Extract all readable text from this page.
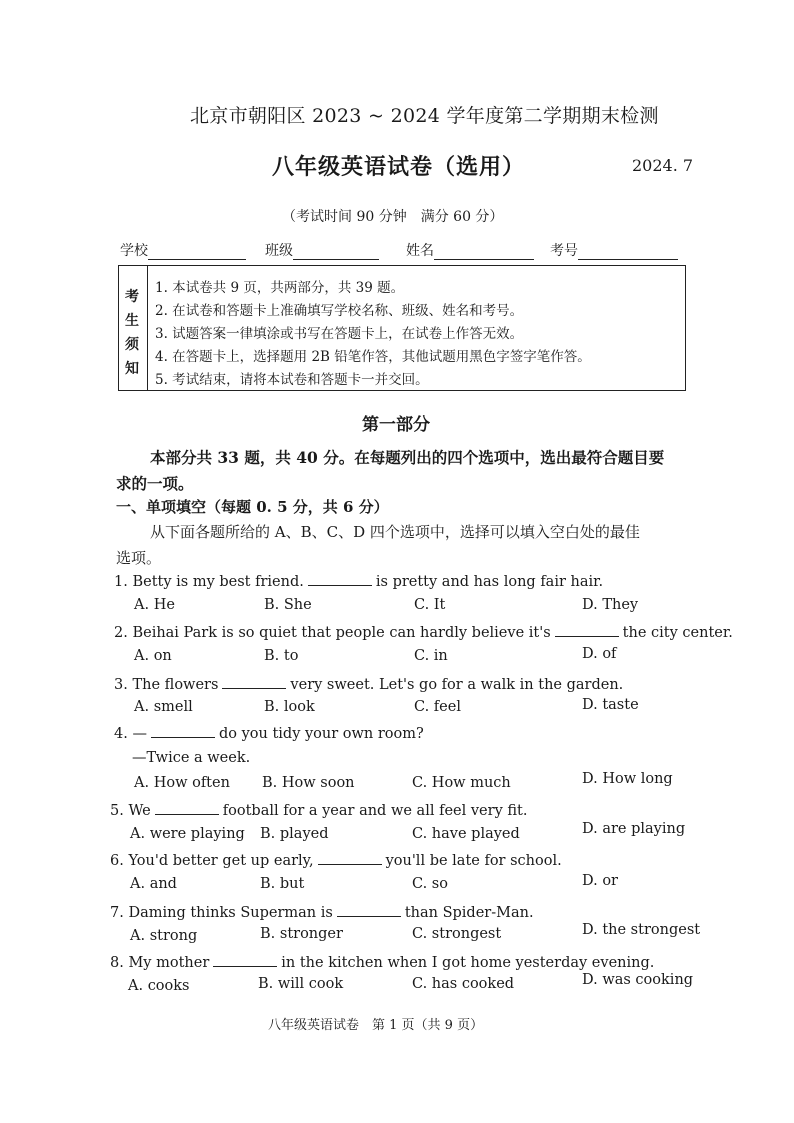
北京市朝阳区 2023 ~ 2024 学年度第二学期期末检测
八年级英语试卷（选用）	2024. 7
（考试时间 90 分钟　满分 60 分）
学校	班级	姓名	考号
考
生
须
知
1. 本试卷共 9 页，共两部分，共 39 题。
2. 在试卷和答题卡上准确填写学校名称、班级、姓名和考号。
3. 试题答案一律填涂或书写在答题卡上，在试卷上作答无效。
4. 在答题卡上，选择题用 2B 铅笔作答，其他试题用黑色字签字笔作答。
5. 考试结束，请将本试卷和答题卡一并交回。
第一部分
本部分共 33 题，共 40 分。在每题列出的四个选项中，选出最符合题目要
求的一项。
一、单项填空（每题 0. 5 分，共 6 分）
从下面各题所给的 A、B、C、D 四个选项中，选择可以填入空白处的最佳
选项。
1. Betty is my best friend.	is pretty and has long fair hair.
A. He	B. She	C. It	D. They
2. Beihai Park is so quiet that people can hardly believe it's	the city center.
A. on	B. to	C. in	D. of
3. The flowers	very sweet. Let's go for a walk in the garden.
A. smell	B. look	C. feel	D. taste
4. —	do you tidy your own room?
—Twice a week.
A. How often B. How soon	C. How much	D. How long
5. We	football for a year and we all feel very fit.
A. were playing B. played	C. have played	D. are playing
6. You'd better get up early,	you'll be late for school.
A. and	B. but	C. so	D. or
7. Daming thinks Superman is	than Spider-Man.
A. strong	B. stronger	C. strongest	D. the strongest
8. My mother	in the kitchen when I got home yesterday evening.
A. cooks	B. will cook	C. has cooked	D. was cooking
八年级英语试卷　第 1 页（共 9 页）
